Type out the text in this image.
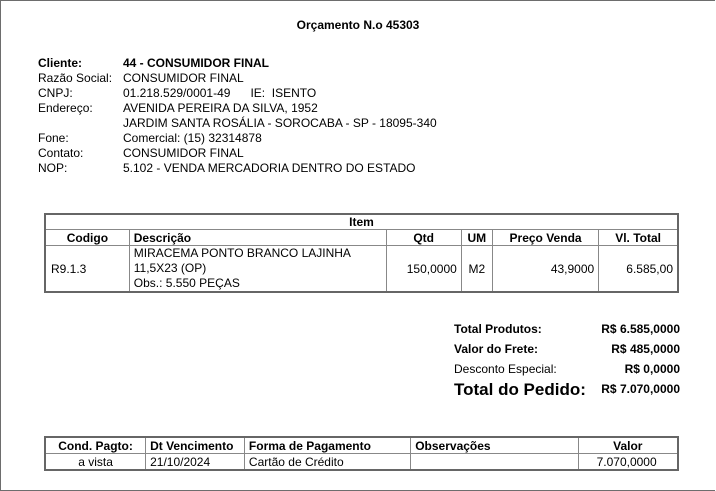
Orçamento N.o 45303
Cliente:	44 - CONSUMIDOR FINAL
Razão Social: CONSUMIDOR FINAL
CNPJ:	01.218.529/0001-49 IE: ISENTO
Endereço:	AVENIDA PEREIRA DA SILVA, 1952
JARDIM SANTA ROSÁLIA - SOROCABA - SP - 18095-340
Fone:	Comercial: (15) 32314878
Contato:	CONSUMIDOR FINAL
NOP:	5.102 - VENDA MERCADORIA DENTRO DO ESTADO
Item					
Codigo	Descrição	Qtd	UM	Preço Venda	Vl. Total
R9.1.3	MIRACEMA PONTO BRANCO LAJINHA
11,5X23 (OP)
Obs.: 5.550 PEÇAS	150,0000	M2	43,9000	6.585,00
Total Produtos:	R$ 6.585,0000
Valor do Frete:	R$ 485,0000
Desconto Especial:	R$ 0,0000
Total do Pedido: R$ 7.070,0000
Cond. Pagto:	Dt Vencimento	Forma de Pagamento	Observações	Valor
a vista	21/10/2024	Cartão de Crédito		7.070,0000
